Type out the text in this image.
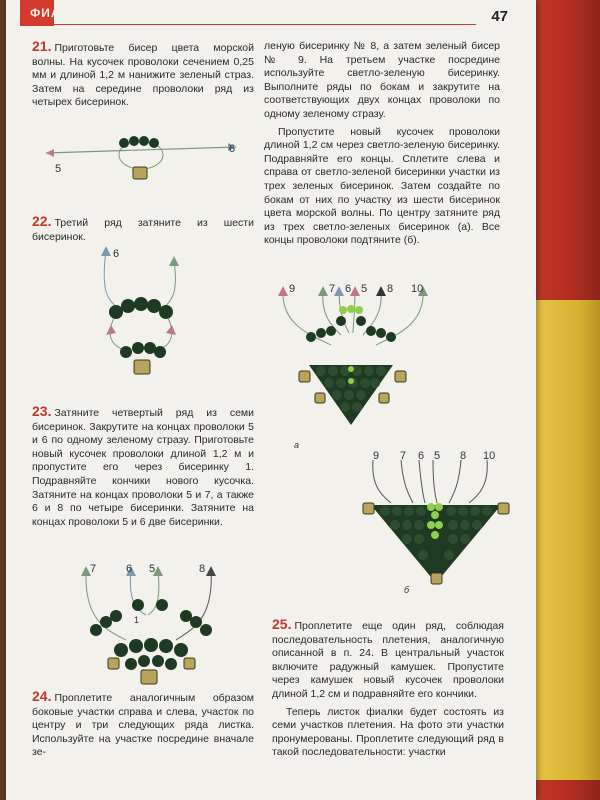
ФИАЛКИ	47

21. Приготовьте бисер цвета морской волны. На кусочек проволоки сечением 0,25 мм и длиной 1,2 м нанижите зеленый страз. Затем на середине проволоки ряд из четырех бисеринок.

5
6

22. Третий ряд затяните из шести бисеринок.

6

23. Затяните четвертый ряд из семи бисеринок. Закрутите на концах проволоки 5 и 6 по одному зеленому стразу. Приготовьте новый кусочек проволоки длиной 1,2 м и пропустите его через бисеринку 1. Подравняйте кончики нового кусочка. Затяните на концах проволоки 5 и 7, а также 6 и 8 по четыре бисеринки. Затяните на концах проволоки 5 и 6 две бисеринки.

7	6 5	8
1

24. Проплетите аналогичным образом боковые участки справа и слева, участок по центру и три следующих ряда листка. Используйте на участке посредине вначале зе-

леную бисеринку № 8, а затем зеленый бисер № 9. На третьем участке посредине используйте светло-зеленую бисеринку. Выполните ряды по бокам и закрутите на соответствующих двух концах проволоки по одному зеленому стразу.

Пропустите новый кусочек проволоки длиной 1,2 см через светло-зеленую бисеринку. Подравняйте его концы. Сплетите слева и справа от светло-зеленой бисеринки участки из трех зеленых бисеринок. Затем создайте по бокам от них по участку из шести бисеринок цвета морской волны. По центру затяните ряд из трех светло-зеленых бисеринок (а). Все концы проволоки подтяните (б).

9	7 6 5 8 10
а
9 7 6 5 8 10
б

25. Проплетите еще один ряд, соблюдая последовательность плетения, аналогичную описанной в п. 24. В центральный участок включите радужный камушек. Пропустите через камушек новый кусочек проволоки длиной 1,2 см и подравняйте его кончики.

Теперь листок фиалки будет состоять из семи участков плетения. На фото эти участки пронумерованы. Проплетите следующий ряд в такой последовательности: участки
